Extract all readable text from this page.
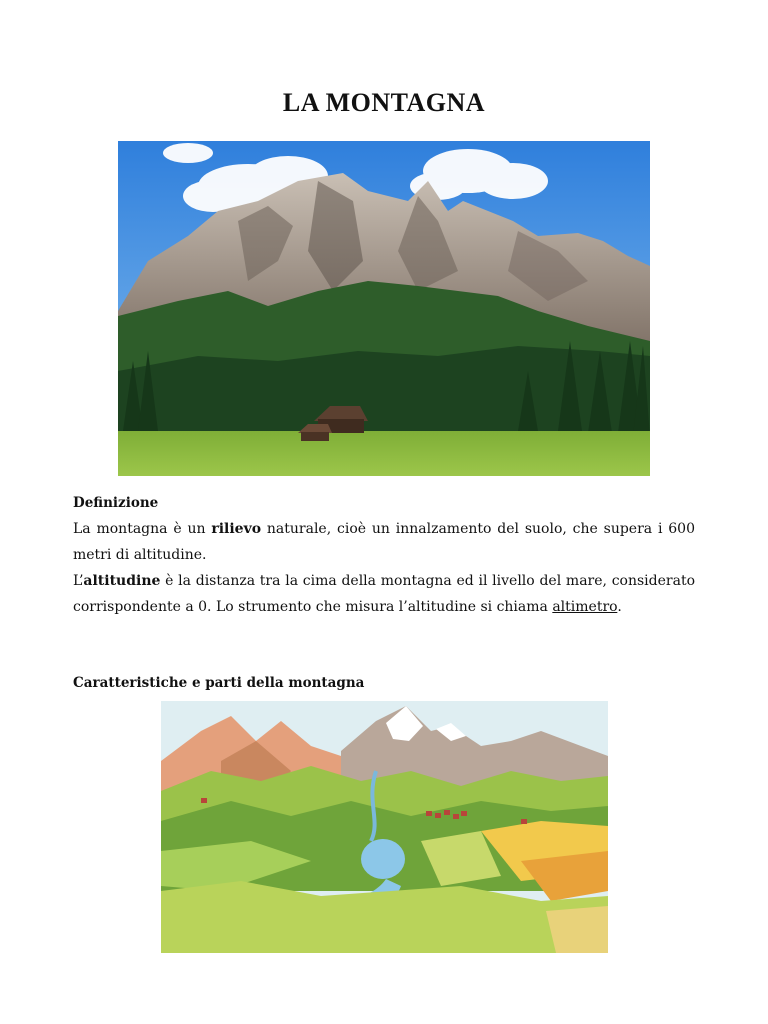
LA MONTAGNA
Definizione

La montagna è un rilievo naturale, cioè un innalzamento del suolo, che supera i 600 metri di altitudine.

L’altitudine è la distanza tra la cima della montagna ed il livello del mare, considerato corrispondente a 0. Lo strumento che misura l’altitudine si chiama altimetro.

Caratteristiche e parti della montagna
